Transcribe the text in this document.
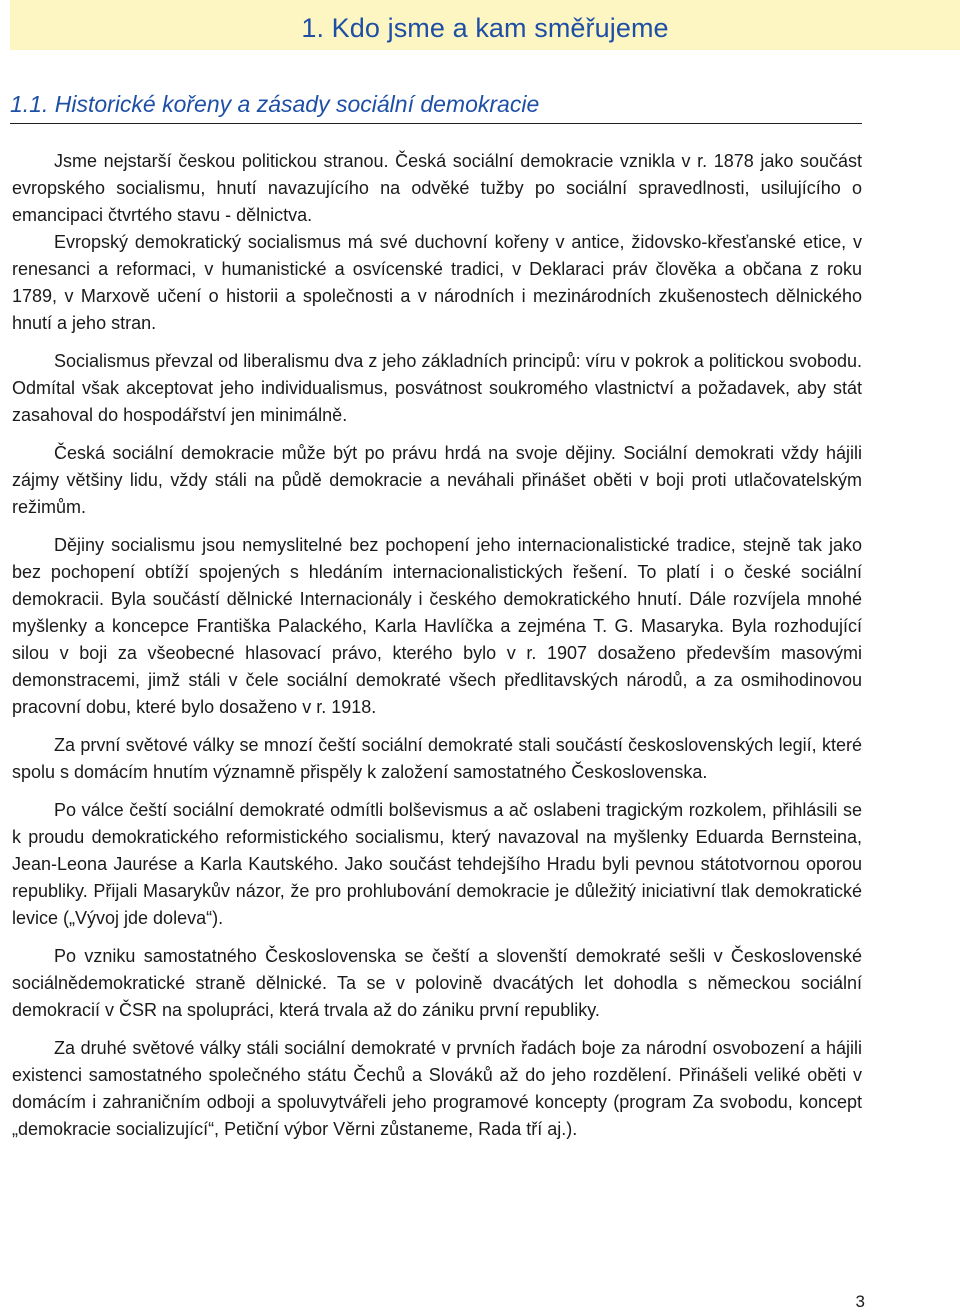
1. Kdo jsme a kam směřujeme
1.1. Historické kořeny a zásady sociální demokracie

Jsme nejstarší českou politickou stranou. Česká sociální demokracie vznikla v r. 1878 jako součást evropského socialismu, hnutí navazujícího na odvěké tužby po sociální spravedlnosti, usilujícího o emancipaci čtvrtého stavu - dělnictva.

Evropský demokratický socialismus má své duchovní kořeny v antice, židovsko-křesťanské etice, v renesanci a reformaci, v humanistické a osvícenské tradici, v Deklaraci práv člověka a občana z roku 1789, v Marxově učení o historii a společnosti a v národních i mezinárodních zkušenostech dělnického hnutí a jeho stran.

Socialismus převzal od liberalismu dva z jeho základních principů: víru v pokrok a politickou svobodu. Odmítal však akceptovat jeho individualismus, posvátnost soukromého vlastnictví a požadavek, aby stát zasahoval do hospodářství jen minimálně.

Česká sociální demokracie může být po právu hrdá na svoje dějiny. Sociální demokrati vždy hájili zájmy většiny lidu, vždy stáli na půdě demokracie a neváhali přinášet oběti v boji proti utlačovatelským režimům.

Dějiny socialismu jsou nemyslitelné bez pochopení jeho internacionalistické tradice, stejně tak jako bez pochopení obtíží spojených s hledáním internacionalistických řešení. To platí i o české sociální demokracii. Byla součástí dělnické Internacionály i českého demokratického hnutí. Dále rozvíjela mnohé myšlenky a koncepce Františka Palackého, Karla Havlíčka a zejména T. G. Masaryka. Byla rozhodující silou v boji za všeobecné hlasovací právo, kterého bylo v r. 1907 dosaženo především masovými demonstracemi, jimž stáli v čele sociální demokraté všech předlitavských národů, a za osmihodinovou pracovní dobu, které bylo dosaženo v r. 1918.

Za první světové války se mnozí čeští sociální demokraté stali součástí československých legií, které spolu s domácím hnutím významně přispěly k založení samostatného Československa.

Po válce čeští sociální demokraté odmítli bolševismus a ač oslabeni tragickým rozkolem, přihlásili se k proudu demokratického reformistického socialismu, který navazoval na myšlenky Eduarda Bernsteina, Jean-Leona Jaurése a Karla Kautského. Jako součást tehdejšího Hradu byli pevnou státotvornou oporou republiky. Přijali Masarykův názor, že pro prohlubování demokracie je důležitý iniciativní tlak demokratické levice („Vývoj jde doleva“).

Po vzniku samostatného Československa se čeští a slovenští demokraté sešli v Československé sociálnědemokratické straně dělnické. Ta se v polovině dvacátých let dohodla s německou sociální demokracií v ČSR na spolupráci, která trvala až do zániku první republiky.

Za druhé světové války stáli sociální demokraté v prvních řadách boje za národní osvobození a hájili existenci samostatného společného státu Čechů a Slováků až do jeho rozdělení. Přinášeli veliké oběti v domácím i zahraničním odboji a spoluvytvářeli jeho programové koncepty (program Za svobodu, koncept „demokracie socializující“, Petiční výbor Věrni zůstaneme, Rada tří aj.).

3
